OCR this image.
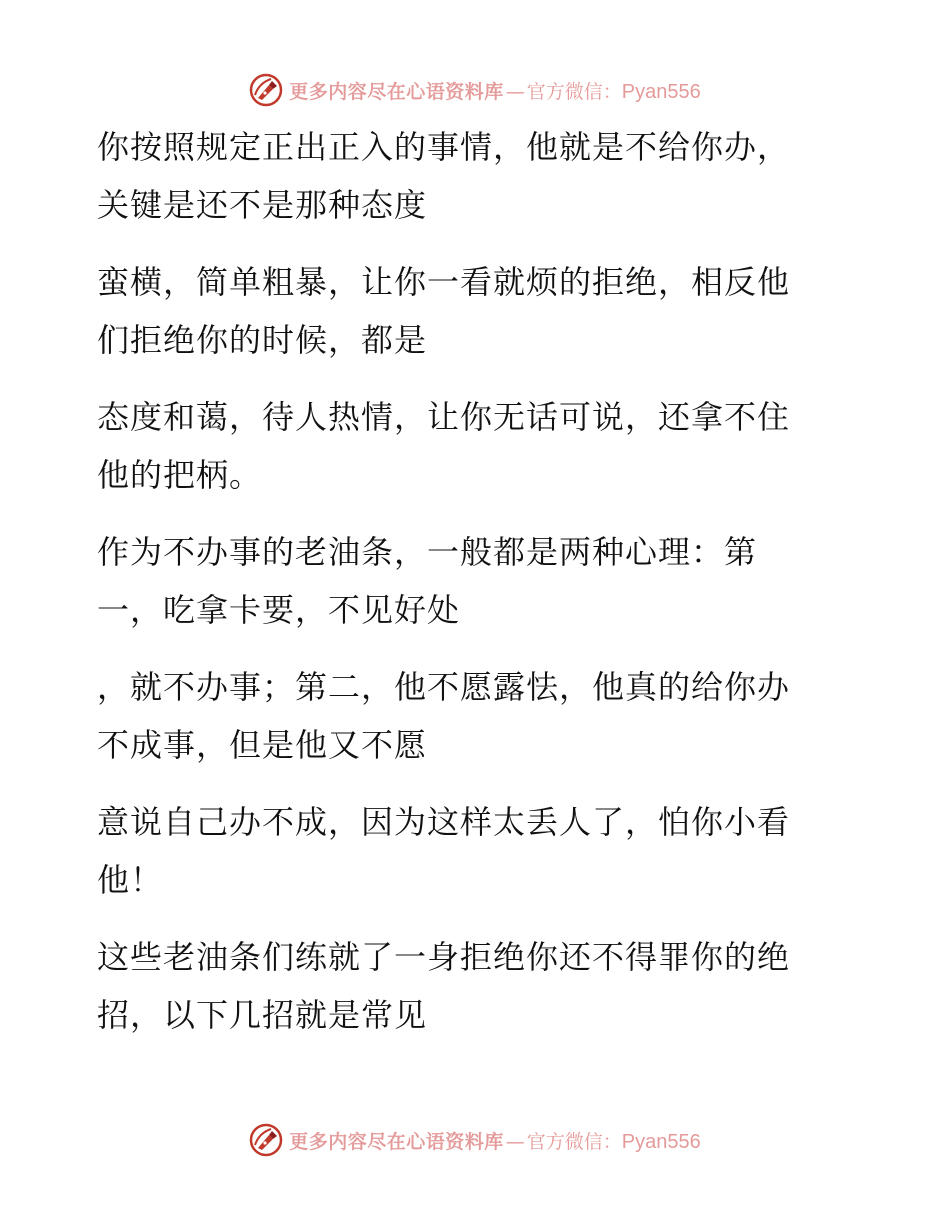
更多内容尽在心语资料库 — 官方微信： Pyan556

你按照规定正出正入的事情，他就是不给你办，
关键是还不是那种态度

蛮横，简单粗暴，让你一看就烦的拒绝，相反他
们拒绝你的时候，都是

态度和蔼，待人热情，让你无话可说，还拿不住
他的把柄。

作为不办事的老油条，一般都是两种心理：第
一，吃拿卡要，不见好处

，就不办事；第二，他不愿露怯，他真的给你办
不成事，但是他又不愿

意说自己办不成，因为这样太丢人了，怕你小看
他！

这些老油条们练就了一身拒绝你还不得罪你的绝
招，以下几招就是常见

更多内容尽在心语资料库 — 官方微信： Pyan556
